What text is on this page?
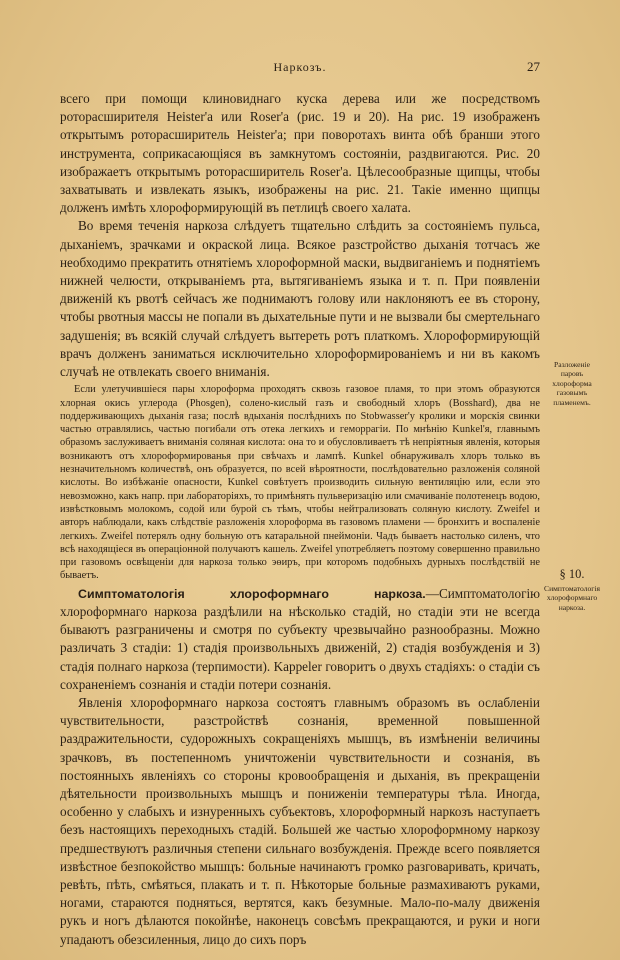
Наркозъ.	27

всего при помощи клиновиднаго куска дерева или же посредствомъ роторасширителя Heister'а или Roser'а (рис. 19 и 20). На рис. 19 изображенъ открытымъ роторасширитель Heister'а; при поворотахъ винта обѣ бранши этого инструмента, соприкасающiяся въ замкнутомъ состоянiи, раздвигаются. Рис. 20 изображаетъ открытымъ роторасширитель Roser'а. Цѣлесообразные щипцы, чтобы захватывать и извлекать языкъ, изображены на рис. 21. Такiе именно щипцы долженъ имѣть хлороформирующiй въ петлицѣ своего халата.

Во время теченiя наркоза слѣдуетъ тщательно слѣдить за состоянiемъ пульса, дыханiемъ, зрачками и окраской лица. Всякое разстройство дыханiя тотчасъ же необходимо прекратить отнятiемъ хлороформной маски, выдвиганiемъ и поднятiемъ нижней челюсти, открыванiемъ рта, вытягиванiемъ языка и т. п. При появленiи движенiй къ рвотѣ сейчасъ же поднимаютъ голову или наклоняютъ ее въ сторону, чтобы рвотныя массы не попали въ дыхательные пути и не вызвали бы смертельнаго задушенiя; въ всякiй случай слѣдуетъ вытереть ротъ платкомъ. Хлороформирующiй врачъ долженъ заниматься исключительно хлороформированiемъ и ни въ какомъ случаѣ не отвлекать своего вниманiя.

Если улетучившiеся пары хлороформа проходятъ сквозь газовое пламя, то при этомъ образуются хлорная окись углерода (Phosgen), солено-кислый газъ и свободный хлоръ (Bosshard), два не поддерживающихъ дыханiя газа; послѣ вдыханiя послѣднихъ по Stobwasser'у кролики и морскiя свинки частью отравлялись, частью погибали отъ отека легкихъ и геморрагiи. По мнѣнiю Kunkel'я, главнымъ образомъ заслуживаетъ вниманiя соляная кислота: она то и обусловливаетъ тѣ непрiятныя явленiя, которыя возникаютъ отъ хлороформированья при свѣчахъ и лампѣ. Kunkel обнаруживалъ хлоръ только въ незначительномъ количествѣ, онъ образуется, по всей вѣроятности, послѣдовательно разложенiя соляной кислоты. Во избѣжанiе опасности, Kunkel совѣтуетъ производить сильную вентиляцiю или, если это невозможно, какъ напр. при лабораторiяхъ, то примѣнять пульверизацiю или смачиванiе полотенецъ водою, извѣстковымъ молокомъ, содой или бурой съ тѣмъ, чтобы нейтрализовать соляную кислоту. Zweifel и авторъ наблюдали, какъ слѣдствiе разложенiя хлороформа въ газовомъ пламени — бронхитъ и воспаленiе легкихъ. Zweifel потерялъ одну больную отъ катаральной пнеймонiи. Чадъ бываетъ настолько силенъ, что всѣ находящiеся въ операцiонной получаютъ кашель. Zweifel употребляетъ поэтому совершенно правильно при газовомъ освѣщенiи для наркоза только эѳиръ, при которомъ подобныхъ дурныхъ послѣдствiй не бываетъ.

Симптоматологiя хлороформнаго наркоза.—Симптоматологiю хлороформнаго наркоза раздѣлили на нѣсколько стадiй, но стадiи эти не всегда бываютъ разграничены и смотря по субъекту чрезвычайно разнообразны. Можно различать 3 стадiи: 1) стадiя произвольныхъ движенiй, 2) стадiя возбужденiя и 3) стадiя полнаго наркоза (терпимости). Kappeler говоритъ о двухъ стадiяхъ: о стадiи съ сохраненiемъ сознанiя и стадiи потери сознанiя.

Явленiя хлороформнаго наркоза состоятъ главнымъ образомъ въ ослабленiи чувствительности, разстройствѣ сознанiя, временной повышенной раздражительности, судорожныхъ сокращенiяхъ мышцъ, въ измѣненiи величины зрачковъ, въ постепенномъ уничтоженiи чувствительности и сознанiя, въ постоянныхъ явленiяхъ со стороны кровообращенiя и дыханiя, въ прекращенiи дѣятельности произвольныхъ мышцъ и пониженiи температуры тѣла. Иногда, особенно у слабыхъ и изнуренныхъ субъектовъ, хлороформный наркозъ наступаетъ безъ настоящихъ переходныхъ стадiй. Большей же частью хлороформному наркозу предшествуютъ различныя степени сильнаго возбужденiя. Прежде всего появляется извѣстное безпокойство мышцъ: больные начинаютъ громко разговаривать, кричать, ревѣть, пѣть, смѣяться, плакать и т. п. Нѣкоторые больные размахиваютъ руками, ногами, стараются подняться, вертятся, какъ безумные. Мало-по-малу движенiя рукъ и ногъ дѣлаются покойнѣе, наконецъ совсѣмъ прекращаются, и руки и ноги упадаютъ обезсиленныя, лицо до сихъ поръ

Разложенiе паровъ хлороформа газовымъ пламенемъ.
§ 10.
Симптоматологiя хлороформнаго наркоза.
